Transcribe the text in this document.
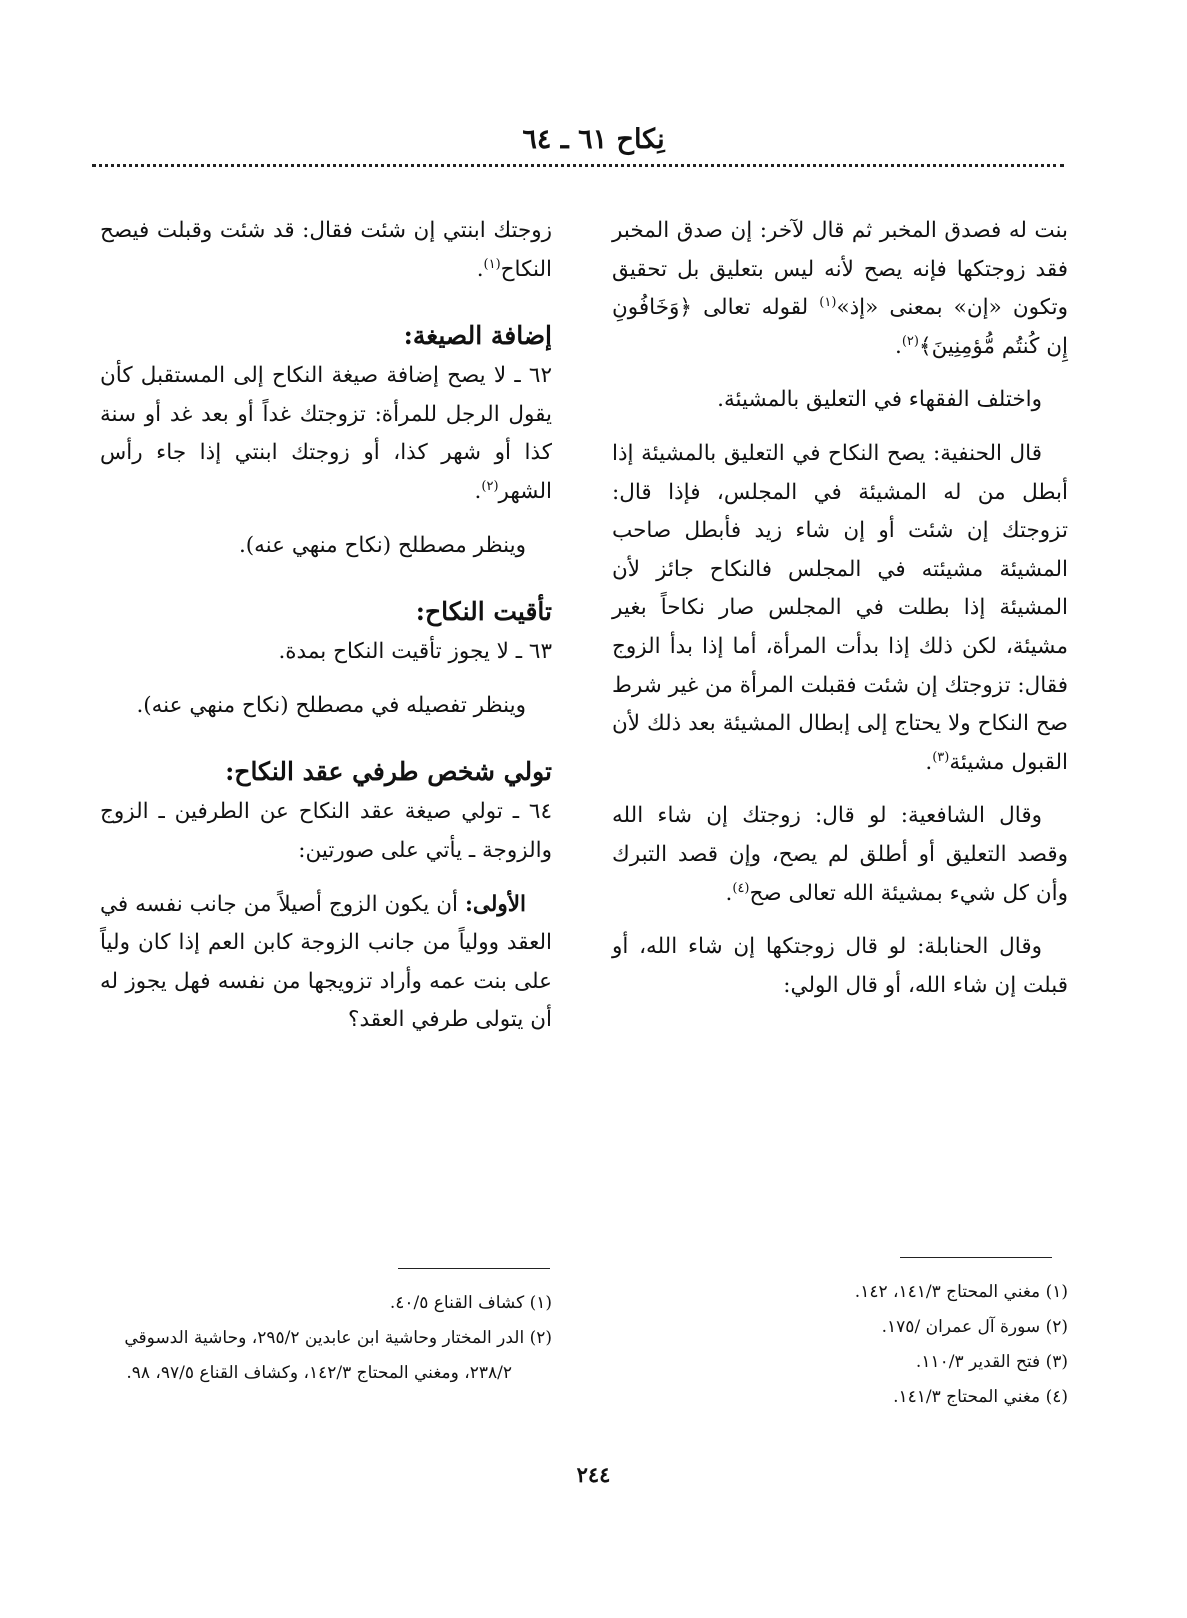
نِكاح ٦١ ـ ٦٤

بنت له فصدق المخبر ثم قال لآخر: إن صدق المخبر فقد زوجتكها فإنه يصح لأنه ليس بتعليق بل تحقيق وتكون «إن» بمعنى «إذ»$^{(١)}$ لقوله تعالى ﴿وَخَافُونِ إِن كُنتُم مُّؤمِنِينَ﴾$^{(٢)}$.

واختلف الفقهاء في التعليق بالمشيئة.

قال الحنفية: يصح النكاح في التعليق بالمشيئة إذا أبطل من له المشيئة في المجلس، فإذا قال: تزوجتك إن شئت أو إن شاء زيد فأبطل صاحب المشيئة مشيئته في المجلس فالنكاح جائز لأن المشيئة إذا بطلت في المجلس صار نكاحاً بغير مشيئة، لكن ذلك إذا بدأت المرأة، أما إذا بدأ الزوج فقال: تزوجتك إن شئت فقبلت المرأة من غير شرط صح النكاح ولا يحتاج إلى إبطال المشيئة بعد ذلك لأن القبول مشيئة$^{(٣)}$.

وقال الشافعية: لو قال: زوجتك إن شاء الله وقصد التعليق أو أطلق لم يصح، وإن قصد التبرك وأن كل شيء بمشيئة الله تعالى صح$^{(٤)}$.

وقال الحنابلة: لو قال زوجتكها إن شاء الله، أو قبلت إن شاء الله، أو قال الولي:

زوجتك ابنتي إن شئت فقال: قد شئت وقبلت فيصح النكاح$^{(١)}$.

إضافة الصيغة:

٦٢ ـ لا يصح إضافة صيغة النكاح إلى المستقبل كأن يقول الرجل للمرأة: تزوجتك غداً أو بعد غد أو سنة كذا أو شهر كذا، أو زوجتك ابنتي إذا جاء رأس الشهر$^{(٢)}$.

وينظر مصطلح (نكاح منهي عنه).

تأقيت النكاح:

٦٣ ـ لا يجوز تأقيت النكاح بمدة.

وينظر تفصيله في مصطلح (نكاح منهي عنه).

تولي شخص طرفي عقد النكاح:

٦٤ ـ تولي صيغة عقد النكاح عن الطرفين ـ الزوج والزوجة ـ يأتي على صورتين:

الأولى: أن يكون الزوج أصيلاً من جانب نفسه في العقد وولياً من جانب الزوجة كابن العم إذا كان ولياً على بنت عمه وأراد تزويجها من نفسه فهل يجوز له أن يتولى طرفي العقد؟

(١) مغني المحتاج ١٤١/٣، ١٤٢.
(٢) سورة آل عمران /١٧٥.
(٣) فتح القدير ١١٠/٣.
(٤) مغني المحتاج ١٤١/٣.
(١) كشاف القناع ٤٠/٥.
(٢) الدر المختار وحاشية ابن عابدين ٢٩٥/٢، وحاشية الدسوقي ٢٣٨/٢، ومغني المحتاج ١٤٢/٣، وكشاف القناع ٩٧/٥، ٩٨.
٢٤٤
